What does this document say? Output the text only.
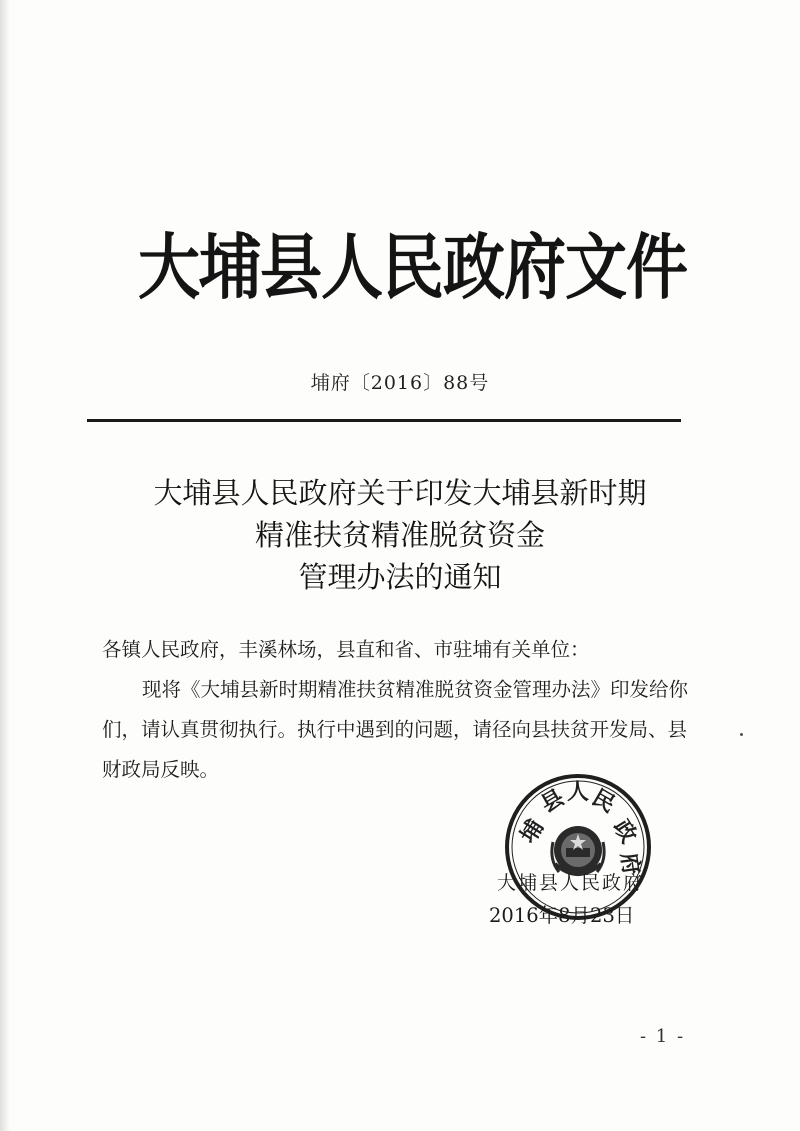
大埔县人民政府文件
埔府〔2016〕88号
大埔县人民政府关于印发大埔县新时期
精准扶贫精准脱贫资金
管理办法的通知

各镇人民政府，丰溪林场，县直和省、市驻埔有关单位：

现将《大埔县新时期精准扶贫精准脱贫资金管理办法》印发给你们，请认真贯彻执行。执行中遇到的问题，请径向县扶贫开发局、县财政局反映。

埔
县
人
民
政
府
大埔县人民政府
2016年8月23日
- 1 -
